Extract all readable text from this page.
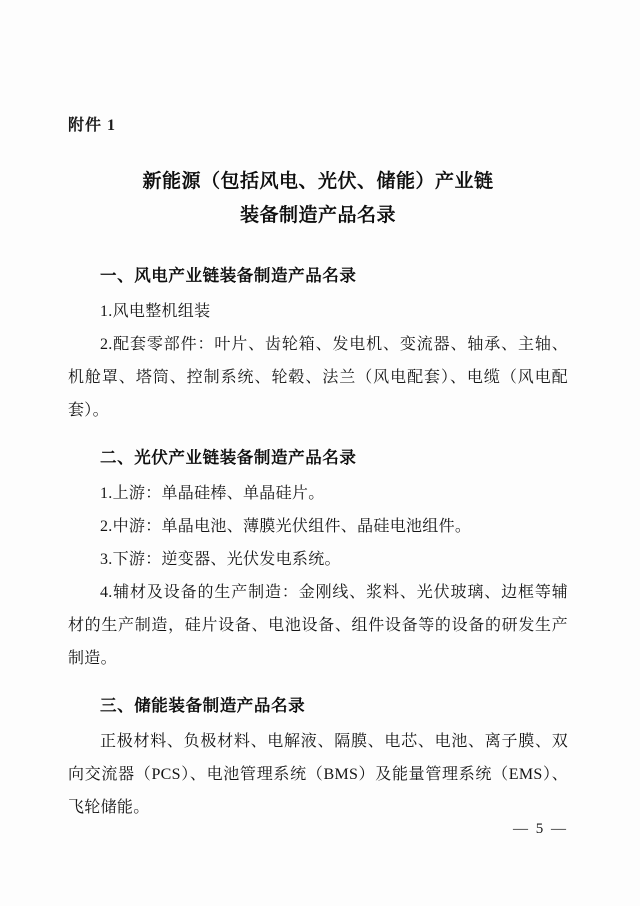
附件 1
新能源（包括风电、光伏、储能）产业链
装备制造产品名录
一、风电产业链装备制造产品名录
1.风电整机组装
2.配套零部件：叶片、齿轮箱、发电机、变流器、轴承、主轴、机舱罩、塔筒、控制系统、轮毂、法兰（风电配套）、电缆（风电配套）。
二、光伏产业链装备制造产品名录
1.上游：单晶硅棒、单晶硅片。
2.中游：单晶电池、薄膜光伏组件、晶硅电池组件。
3.下游：逆变器、光伏发电系统。
4.辅材及设备的生产制造：金刚线、浆料、光伏玻璃、边框等辅材的生产制造，硅片设备、电池设备、组件设备等的设备的研发生产制造。
三、储能装备制造产品名录
正极材料、负极材料、电解液、隔膜、电芯、电池、离子膜、双向交流器（PCS）、电池管理系统（BMS）及能量管理系统（EMS）、飞轮储能。
— 5 —
